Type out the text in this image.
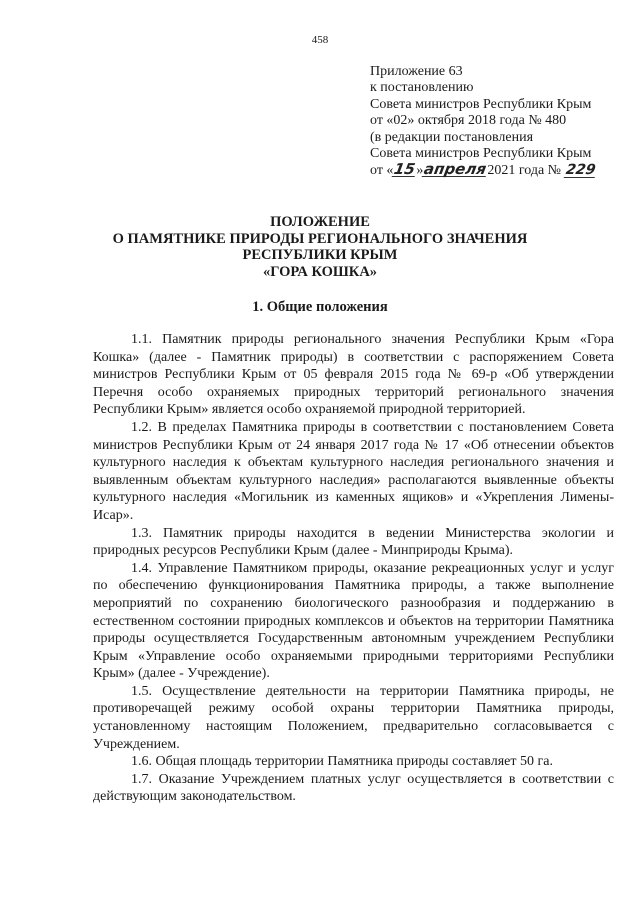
458
Приложение 63
к постановлению
Совета министров Республики Крым
от «02» октября 2018 года № 480
(в редакции постановления
Совета министров Республики Крым
от «15»апреля2021 года № 229
ПОЛОЖЕНИЕ
О ПАМЯТНИКЕ ПРИРОДЫ РЕГИОНАЛЬНОГО ЗНАЧЕНИЯ
РЕСПУБЛИКИ КРЫМ
«ГОРА КОШКА»
1. Общие положения

1.1. Памятник природы регионального значения Республики Крым «Гора Кошка» (далее - Памятник природы) в соответствии с распоряжением Совета министров Республики Крым от 05 февраля 2015 года № 69-р «Об утверждении Перечня особо охраняемых природных территорий регионального значения Республики Крым» является особо охраняемой природной территорией.

1.2. В пределах Памятника природы в соответствии с постановлением Совета министров Республики Крым от 24 января 2017 года № 17 «Об отнесении объектов культурного наследия к объектам культурного наследия регионального значения и выявленным объектам культурного наследия» располагаются выявленные объекты культурного наследия «Могильник из каменных ящиков» и «Укрепления Лимены-Исар».

1.3. Памятник природы находится в ведении Министерства экологии и природных ресурсов Республики Крым (далее - Минприроды Крыма).

1.4. Управление Памятником природы, оказание рекреационных услуг и услуг по обеспечению функционирования Памятника природы, а также выполнение мероприятий по сохранению биологического разнообразия и поддержанию в естественном состоянии природных комплексов и объектов на территории Памятника природы осуществляется Государственным автономным учреждением Республики Крым «Управление особо охраняемыми природными территориями Республики Крым» (далее - Учреждение).

1.5. Осуществление деятельности на территории Памятника природы, не противоречащей режиму особой охраны территории Памятника природы, установленному настоящим Положением, предварительно согласовывается с Учреждением.

1.6. Общая площадь территории Памятника природы составляет 50 га.

1.7. Оказание Учреждением платных услуг осуществляется в соответствии с действующим законодательством.
